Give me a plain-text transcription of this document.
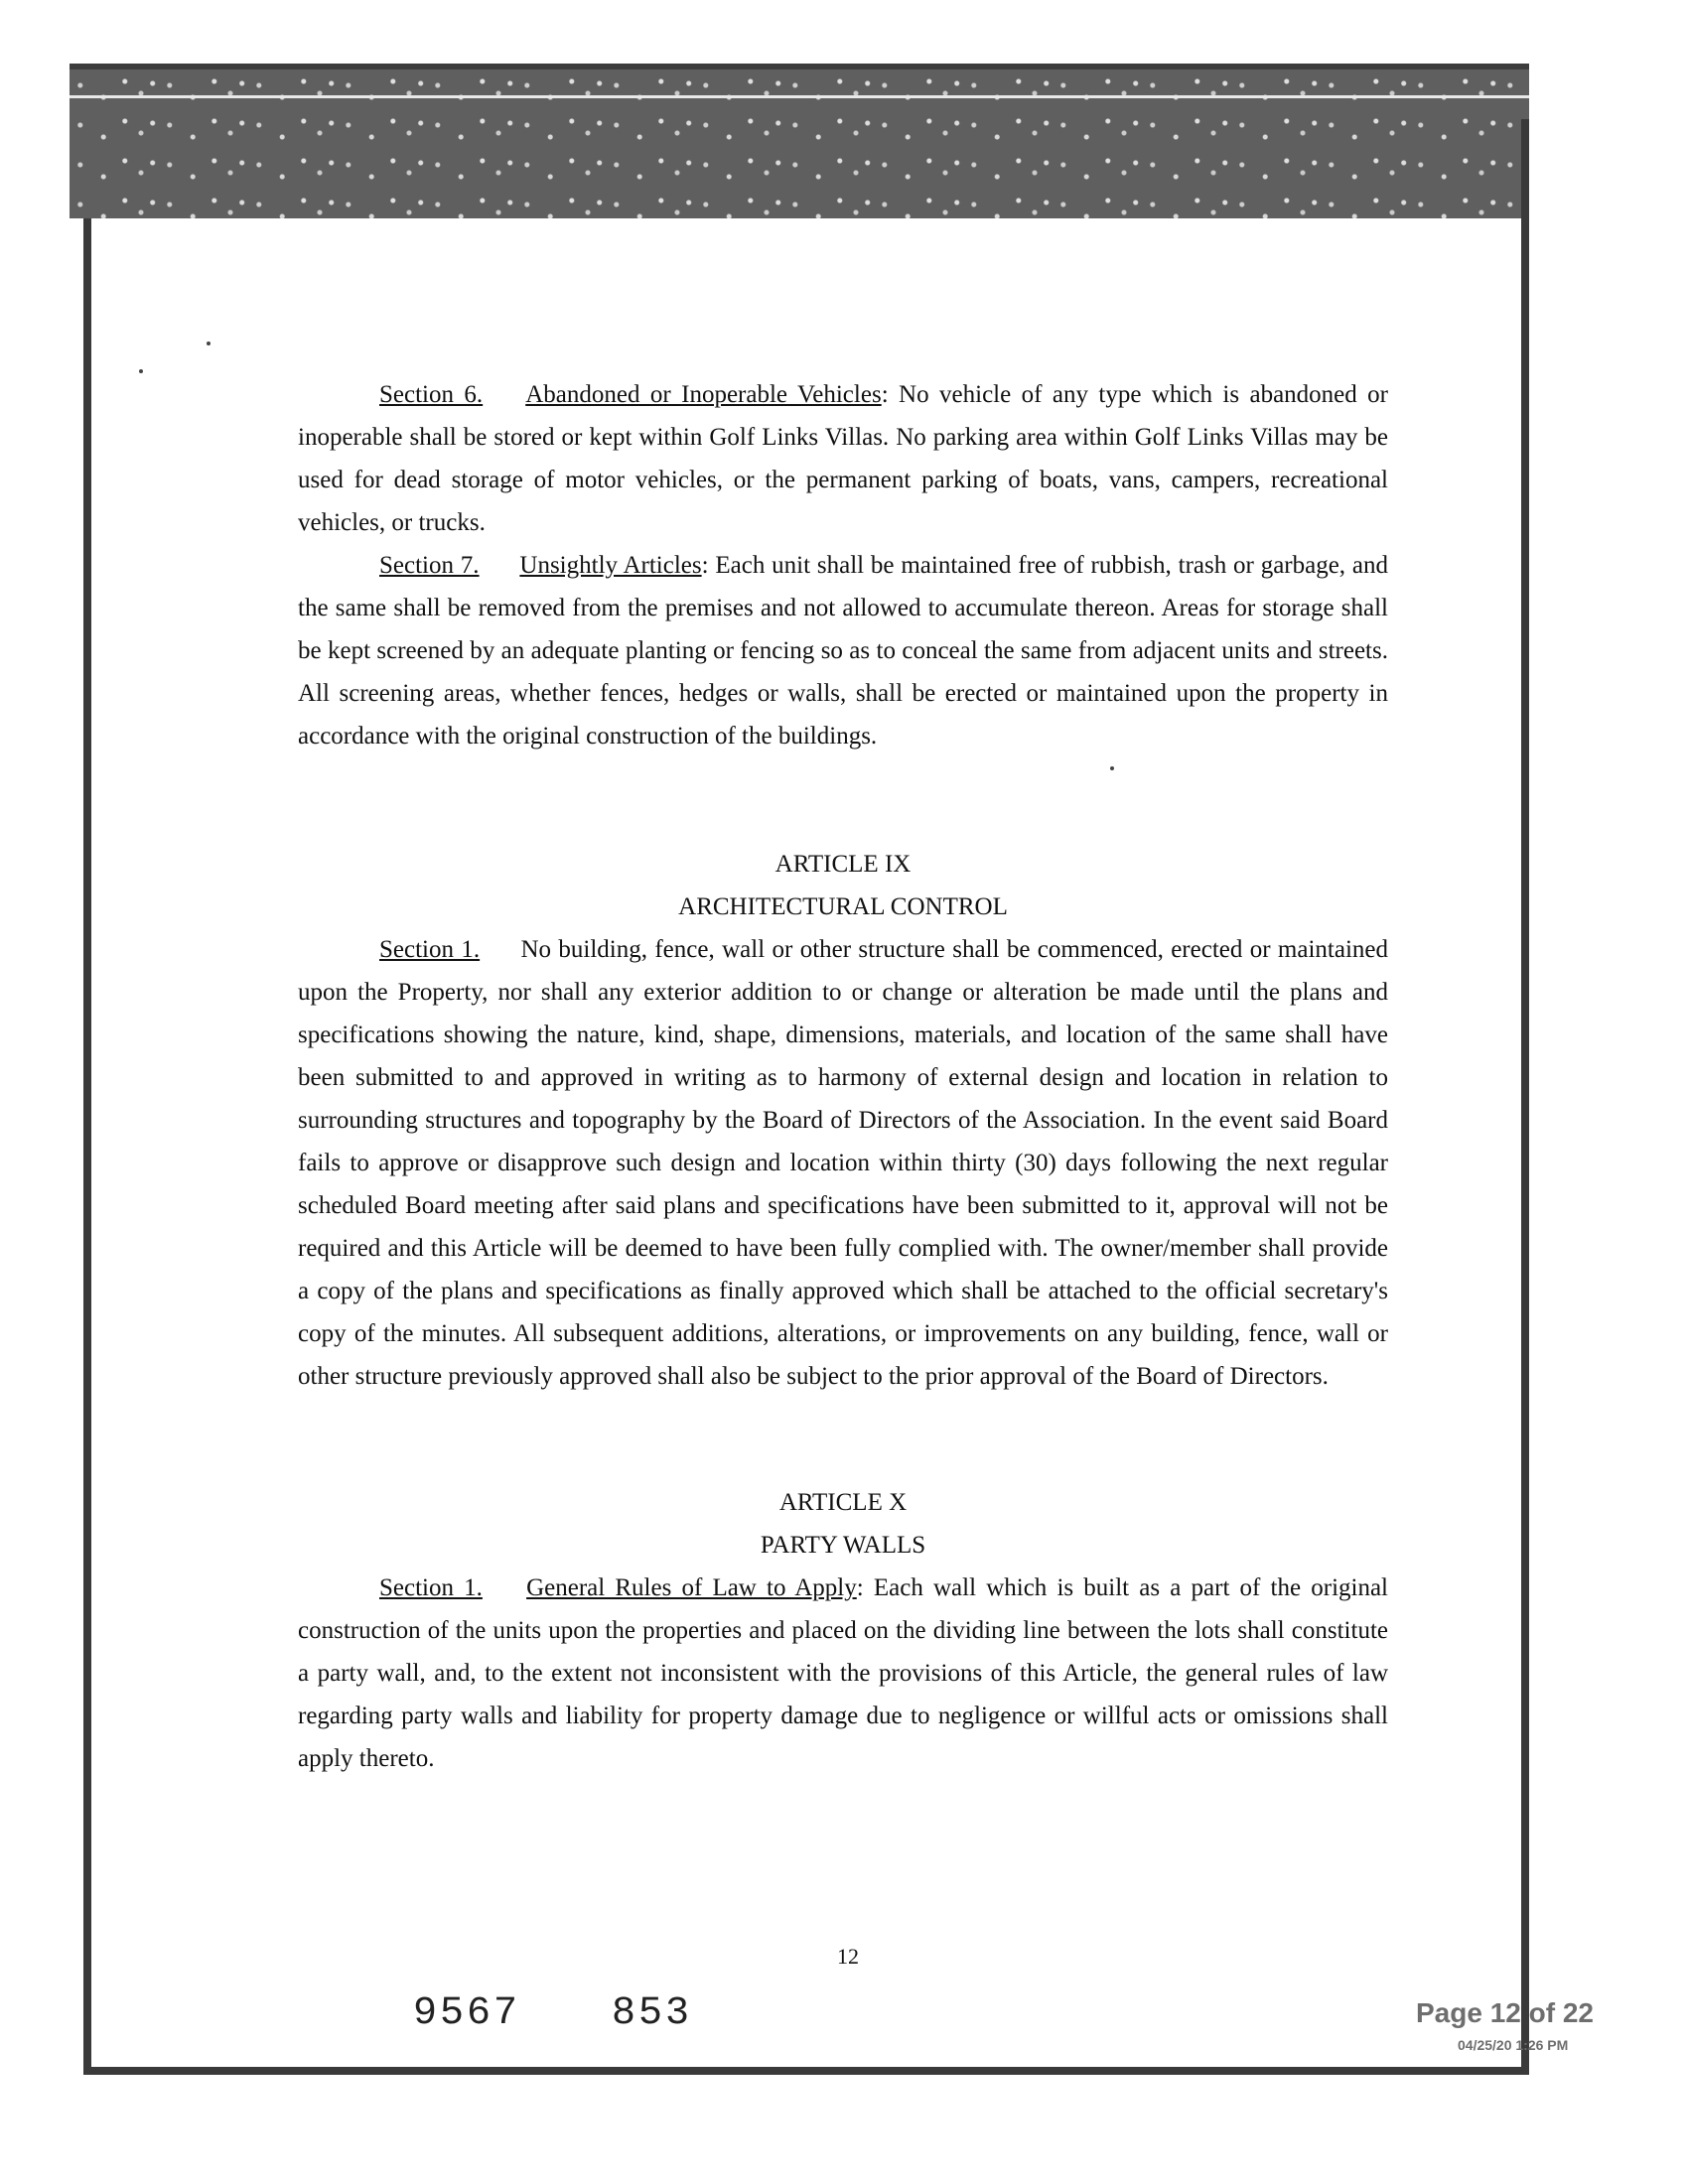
Section 6. Abandoned or Inoperable Vehicles: No vehicle of any type which is abandoned or inoperable shall be stored or kept within Golf Links Villas. No parking area within Golf Links Villas may be used for dead storage of motor vehicles, or the permanent parking of boats, vans, campers, recreational vehicles, or trucks.

Section 7. Unsightly Articles: Each unit shall be maintained free of rubbish, trash or garbage, and the same shall be removed from the premises and not allowed to accumulate thereon. Areas for storage shall be kept screened by an adequate planting or fencing so as to conceal the same from adjacent units and streets. All screening areas, whether fences, hedges or walls, shall be erected or maintained upon the property in accordance with the original construction of the buildings.

ARTICLE IX

ARCHITECTURAL CONTROL

Section 1. No building, fence, wall or other structure shall be commenced, erected or maintained upon the Property, nor shall any exterior addition to or change or alteration be made until the plans and specifications showing the nature, kind, shape, dimensions, materials, and location of the same shall have been submitted to and approved in writing as to harmony of external design and location in relation to surrounding structures and topography by the Board of Directors of the Association. In the event said Board fails to approve or disapprove such design and location within thirty (30) days following the next regular scheduled Board meeting after said plans and specifications have been submitted to it, approval will not be required and this Article will be deemed to have been fully complied with. The owner/member shall provide a copy of the plans and specifications as finally approved which shall be attached to the official secretary's copy of the minutes. All subsequent additions, alterations, or improvements on any building, fence, wall or other structure previously approved shall also be subject to the prior approval of the Board of Directors.

ARTICLE X

PARTY WALLS

Section 1. General Rules of Law to Apply: Each wall which is built as a part of the original construction of the units upon the properties and placed on the dividing line between the lots shall constitute a party wall, and, to the extent not inconsistent with the provisions of this Article, the general rules of law regarding party walls and liability for property damage due to negligence or willful acts or omissions shall apply thereto.

12
9567 853	Page 12 of 22
04/25/20 1:26 PM
